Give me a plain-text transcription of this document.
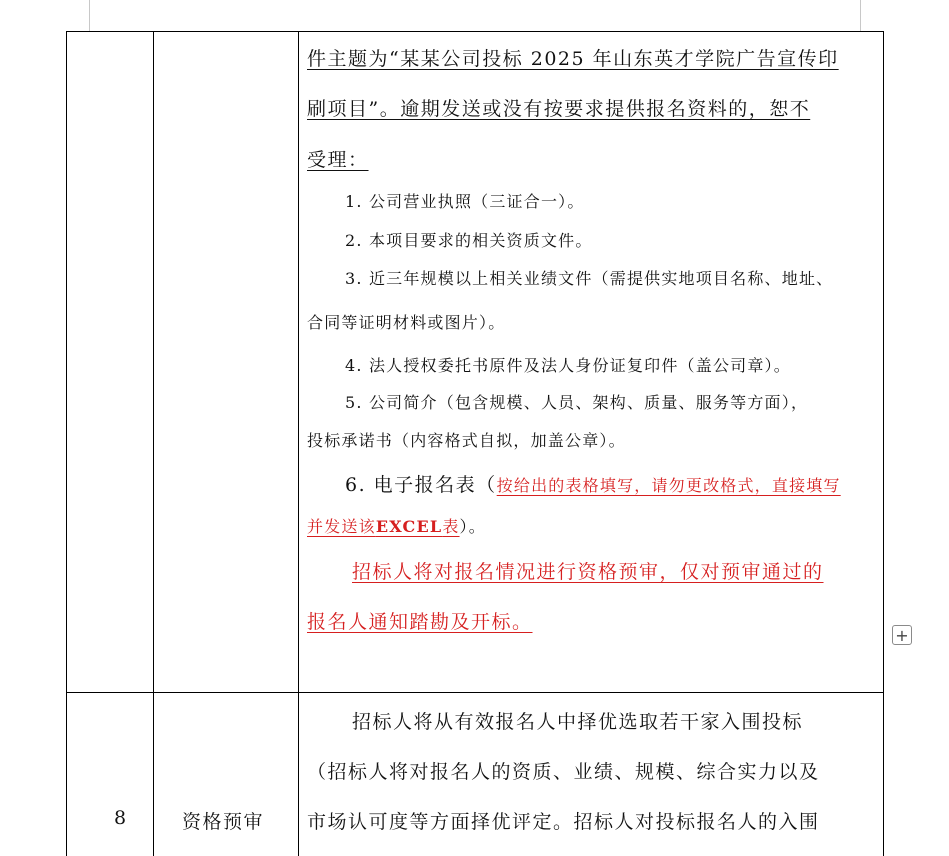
件主题为“某某公司投标 2025 年山东英才学院广告宣传印
刷项目”。逾期发送或没有按要求提供报名资料的，恕不
受理：
1. 公司营业执照（三证合一）。
2. 本项目要求的相关资质文件。
3. 近三年规模以上相关业绩文件（需提供实地项目名称、地址、
合同等证明材料或图片）。
4. 法人授权委托书原件及法人身份证复印件（盖公司章）。
5. 公司简介（包含规模、人员、架构、质量、服务等方面），
投标承诺书（内容格式自拟，加盖公章）。
6. 电子报名表（按给出的表格填写，请勿更改格式，直接填写
并发送该EXCEL表）。
招标人将对报名情况进行资格预审，仅对预审通过的
报名人通知踏勘及开标。
8	资格预审
招标人将从有效报名人中择优选取若干家入围投标
（招标人将对报名人的资质、业绩、规模、综合实力以及
市场认可度等方面择优评定。招标人对投标报名人的入围
+
